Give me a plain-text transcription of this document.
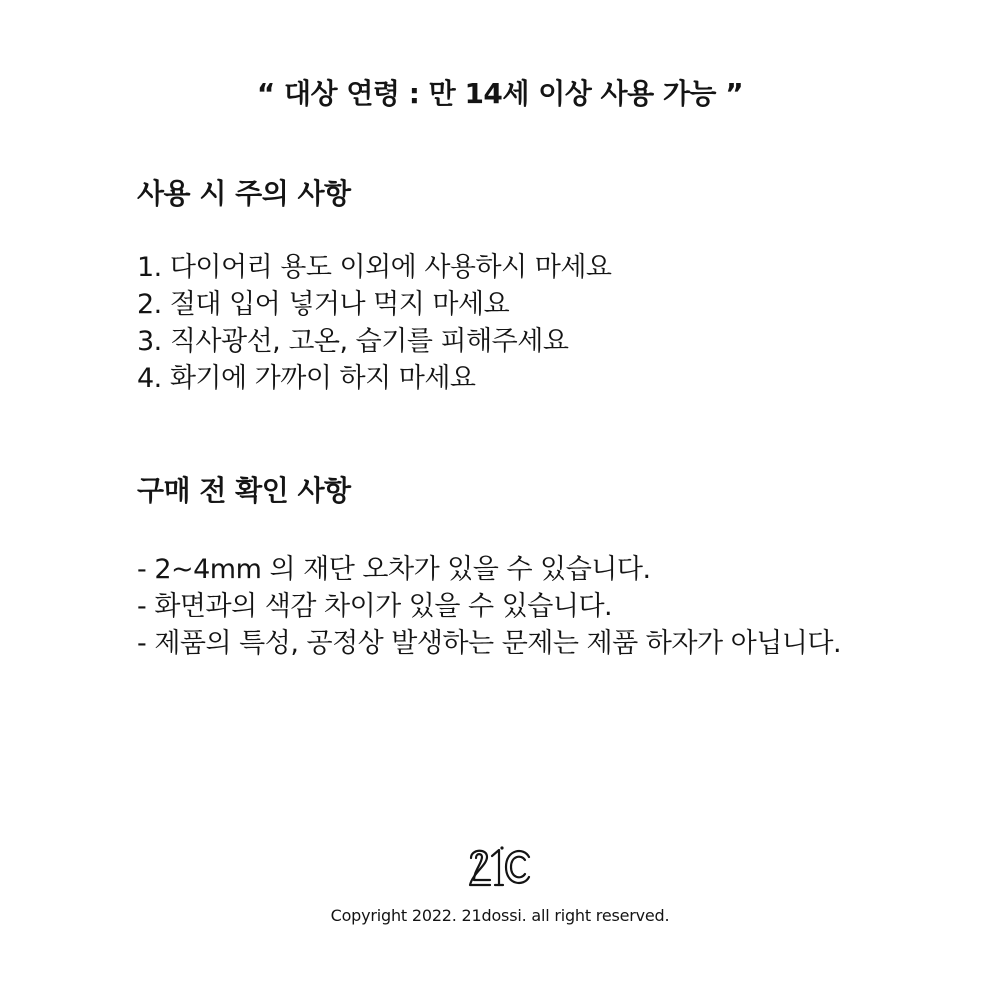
“ 대상 연령 : 만 14세 이상 사용 가능 ”
사용 시 주의 사항
1. 다이어리 용도 이외에 사용하시 마세요
2. 절대 입어 넣거나 먹지 마세요
3. 직사광선, 고온, 습기를 피해주세요
4. 화기에 가까이 하지 마세요
구매 전 확인 사항
- 2~4mm 의 재단 오차가 있을 수 있습니다.
- 화면과의 색감 차이가 있을 수 있습니다.
- 제품의 특성, 공정상 발생하는 문제는 제품 하자가 아닙니다.
Copyright 2022. 21dossi. all right reserved.
